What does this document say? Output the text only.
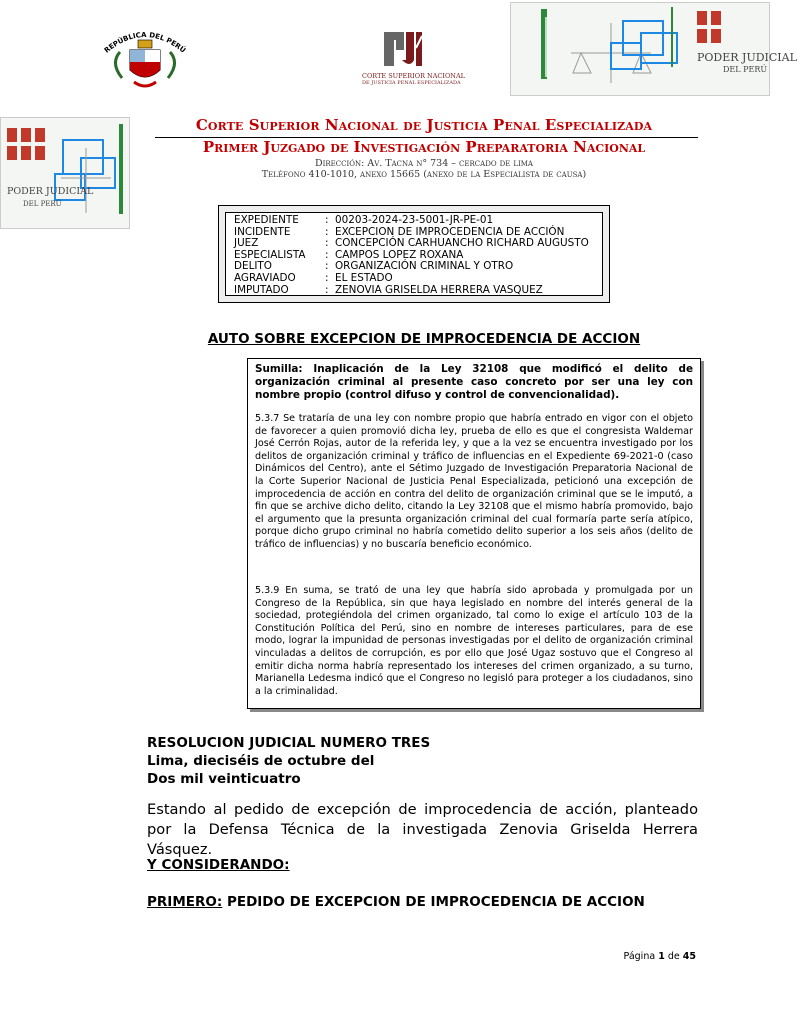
REPÚBLICA DEL PERÚ
CORTE SUPERIOR NACIONAL
DE JUSTICIA PENAL ESPECIALIZADA
PODER JUDICIAL
DEL PERÚ
PODER JUDICIAL
DEL PERÚ
Corte Superior Nacional de Justicia Penal Especializada
Primer Juzgado de Investigación Preparatoria Nacional
Dirección: Av. Tacna n° 734 – cercado de lima
Teléfono 410-1010, anexo 15665 (anexo de la Especialista de causa)
EXPEDIENTE	: 00203-2024-23-5001-JR-PE-01
INCIDENTE	: EXCEPCION DE IMPROCEDENCIA DE ACCIÓN
JUEZ	: CONCEPCIÓN CARHUANCHO RICHARD AUGUSTO
ESPECIALISTA : CAMPOS LOPEZ ROXANA
DELITO	: ORGANIZACIÓN CRIMINAL Y OTRO
AGRAVIADO	: EL ESTADO
IMPUTADO	: ZENOVIA GRISELDA HERRERA VASQUEZ
AUTO SOBRE EXCEPCION DE IMPROCEDENCIA DE ACCION
Sumilla: Inaplicación de la Ley 32108 que modificó el delito de organización criminal al presente caso concreto por ser una ley con nombre propio (control difuso y control de convencionalidad).
5.3.7 Se trataría de una ley con nombre propio que habría entrado en vigor con el objeto de favorecer a quien promovió dicha ley, prueba de ello es que el congresista Waldemar José Cerrón Rojas, autor de la referida ley, y que a la vez se encuentra investigado por los delitos de organización criminal y tráfico de influencias en el Expediente 69-2021-0 (caso Dinámicos del Centro), ante el Sétimo Juzgado de Investigación Preparatoria Nacional de la Corte Superior Nacional de Justicia Penal Especializada, peticionó una excepción de improcedencia de acción en contra del delito de organización criminal que se le imputó, a fin que se archive dicho delito, citando la Ley 32108 que el mismo habría promovido, bajo el argumento que la presunta organización criminal del cual formaría parte sería atípico, porque dicho grupo criminal no habría cometido delito superior a los seis años (delito de tráfico de influencias) y no buscaría beneficio económico.
5.3.9 En suma, se trató de una ley que habría sido aprobada y promulgada por un Congreso de la República, sin que haya legislado en nombre del interés general de la sociedad, protegiéndola del crimen organizado, tal como lo exige el artículo 103 de la Constitución Política del Perú, sino en nombre de intereses particulares, para de ese modo, lograr la impunidad de personas investigadas por el delito de organización criminal vinculadas a delitos de corrupción, es por ello que José Ugaz sostuvo que el Congreso al emitir dicha norma habría representado los intereses del crimen organizado, a su turno, Marianella Ledesma indicó que el Congreso no legisló para proteger a los ciudadanos, sino a la criminalidad.
RESOLUCION JUDICIAL NUMERO TRES
Lima, dieciséis de octubre del
Dos mil veinticuatro
Estando al pedido de excepción de improcedencia de acción, planteado por la Defensa Técnica de la investigada Zenovia Griselda Herrera Vásquez.
Y CONSIDERANDO:
PRIMERO: PEDIDO DE EXCEPCION DE IMPROCEDENCIA DE ACCION
Página 1 de 45
